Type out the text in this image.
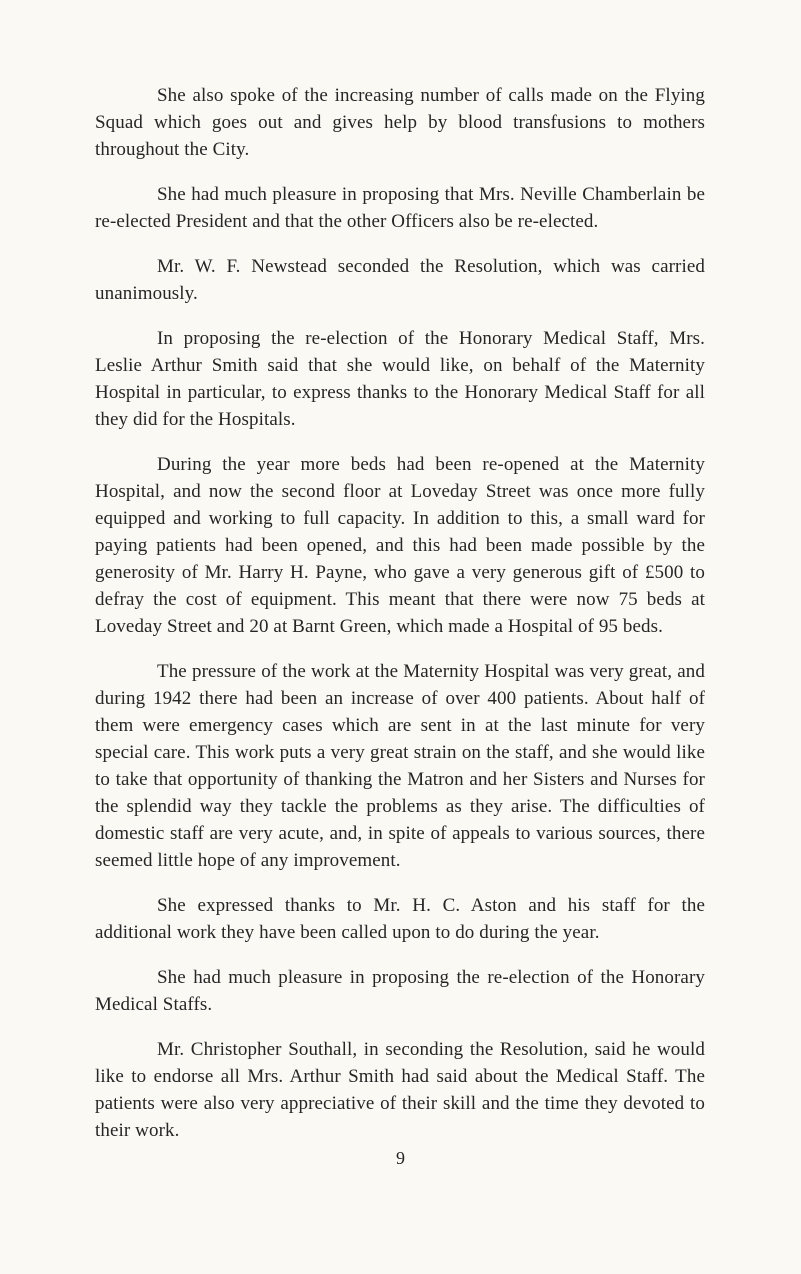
She also spoke of the increasing number of calls made on the Flying Squad which goes out and gives help by blood transfusions to mothers throughout the City.

She had much pleasure in proposing that Mrs. Neville Chamberlain be re-elected President and that the other Officers also be re-elected.

Mr. W. F. Newstead seconded the Resolution, which was carried unanimously.

In proposing the re-election of the Honorary Medical Staff, Mrs. Leslie Arthur Smith said that she would like, on behalf of the Maternity Hospital in particular, to express thanks to the Honorary Medical Staff for all they did for the Hospitals.

During the year more beds had been re-opened at the Maternity Hospital, and now the second floor at Loveday Street was once more fully equipped and working to full capacity. In addition to this, a small ward for paying patients had been opened, and this had been made possible by the generosity of Mr. Harry H. Payne, who gave a very generous gift of £500 to defray the cost of equipment. This meant that there were now 75 beds at Loveday Street and 20 at Barnt Green, which made a Hospital of 95 beds.

The pressure of the work at the Maternity Hospital was very great, and during 1942 there had been an increase of over 400 patients. About half of them were emergency cases which are sent in at the last minute for very special care. This work puts a very great strain on the staff, and she would like to take that opportunity of thanking the Matron and her Sisters and Nurses for the splendid way they tackle the problems as they arise. The difficulties of domestic staff are very acute, and, in spite of appeals to various sources, there seemed little hope of any improvement.

She expressed thanks to Mr. H. C. Aston and his staff for the additional work they have been called upon to do during the year.

She had much pleasure in proposing the re-election of the Honorary Medical Staffs.

Mr. Christopher Southall, in seconding the Resolution, said he would like to endorse all Mrs. Arthur Smith had said about the Medical Staff. The patients were also very appreciative of their skill and the time they devoted to their work.

9
